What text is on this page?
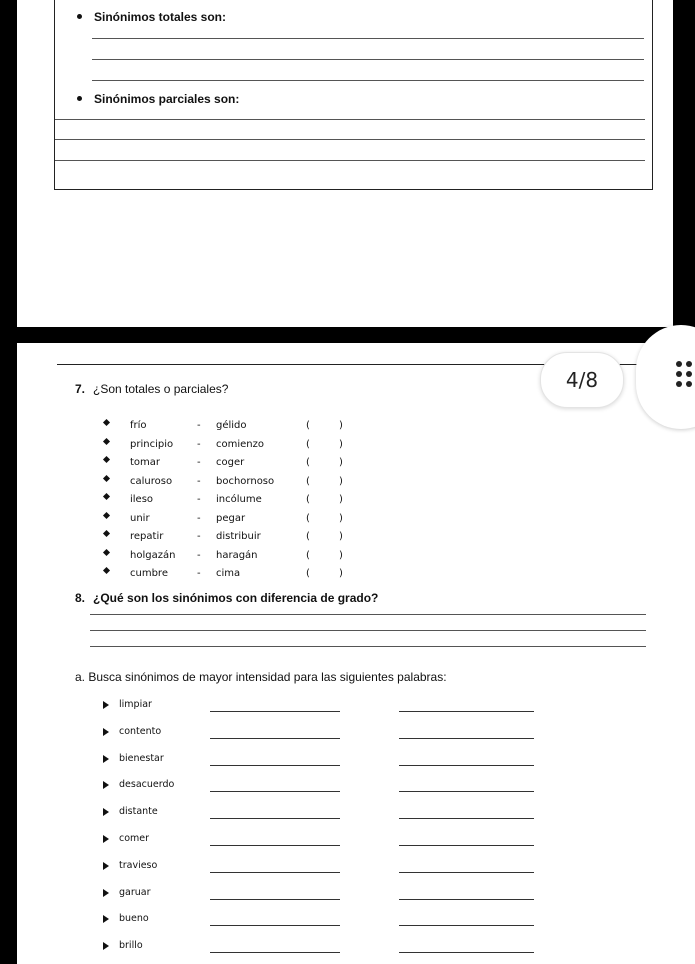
Sinónimos totales son:
Sinónimos parciales son:
7. ¿Son totales o parciales?
frío	- gélido	(	)
principio - comienzo	(	)
tomar	- coger	(	)
caluroso - bochornoso	(	)
ileso	- incólume	(	)
unir	- pegar	(	)
repatir	- distribuir	(	)
holgazán - haragán	(	)
cumbre	- cima	(	)
8. ¿Qué son los sinónimos con diferencia de grado?
a. Busca sinónimos de mayor intensidad para las siguientes palabras:
limpiar
contento
bienestar
desacuerdo
distante
comer
travieso
garuar
bueno
brillo
4/8
